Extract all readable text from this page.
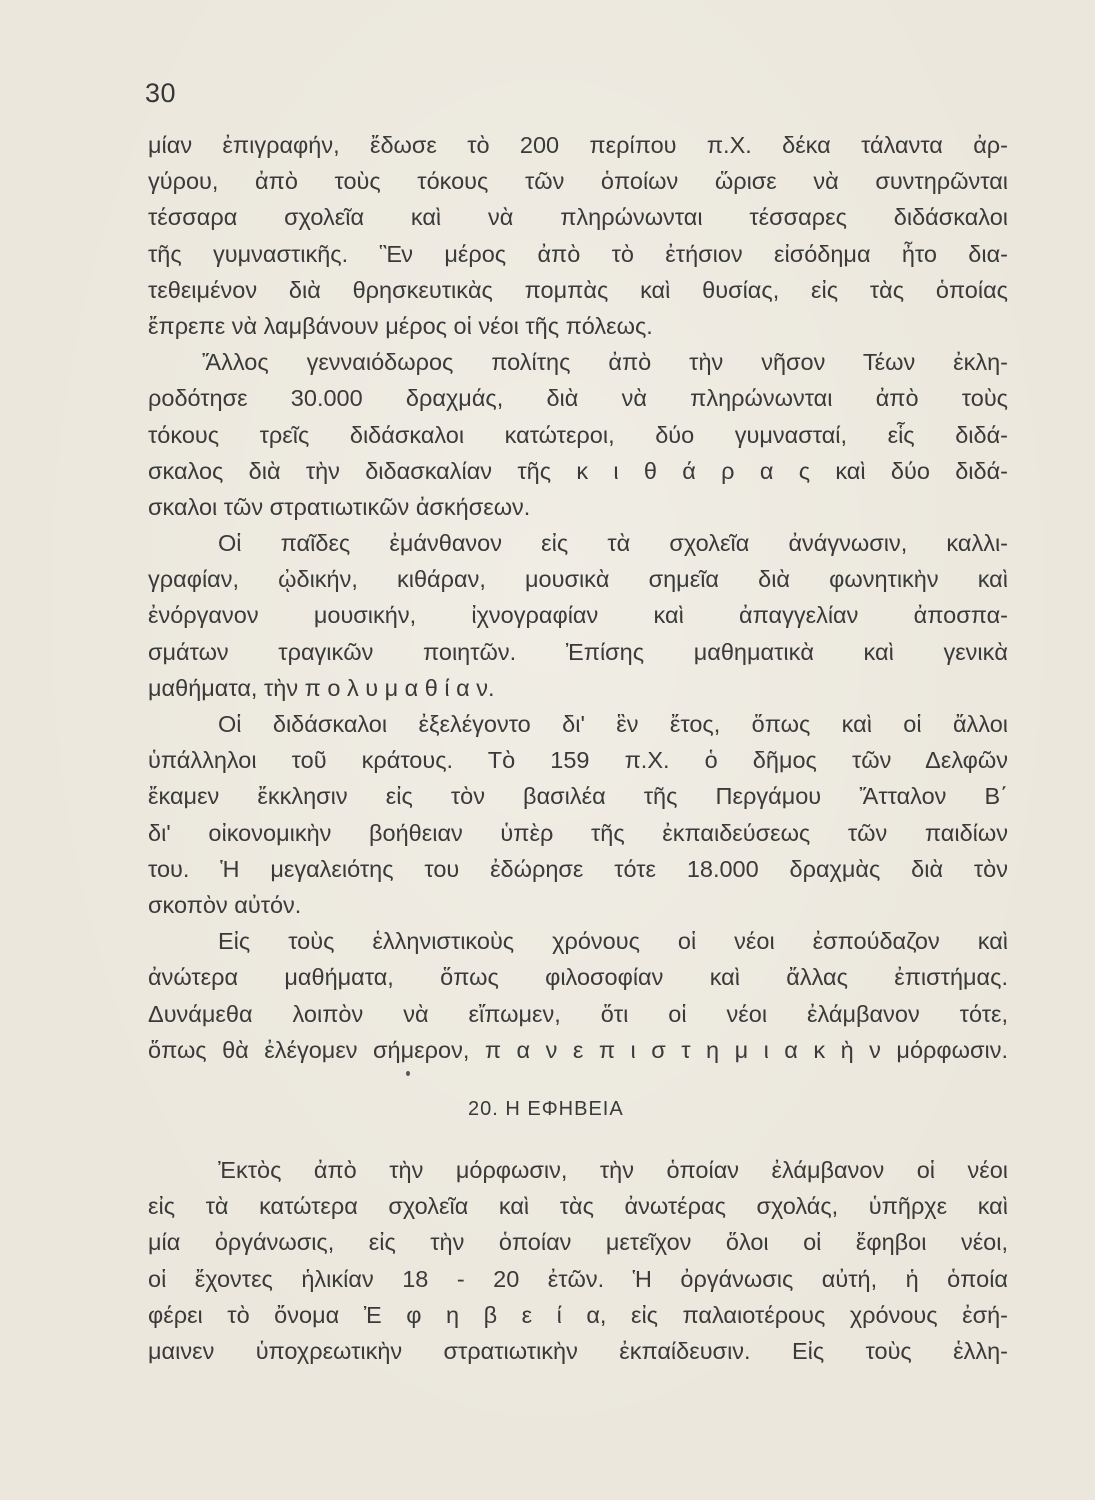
30
μίαν ἐπιγραφήν, ἔδωσε τὸ 200 περίπου π.Χ. δέκα τάλαντα ἀρ-
γύρου, ἀπὸ τοὺς τόκους τῶν ὁποίων ὥρισε νὰ συντηρῶνται
τέσσαρα σχολεῖα καὶ νὰ πληρώνωνται τέσσαρες διδάσκαλοι
τῆς γυμναστικῆς. Ἓν μέρος ἀπὸ τὸ ἐτήσιον εἰσόδημα ἦτο δια-
τεθειμένον διὰ θρησκευτικὰς πομπὰς καὶ θυσίας, εἰς τὰς ὁποίας
ἔπρεπε νὰ λαμβάνουν μέρος οἱ νέοι τῆς πόλεως.
Ἄλλος γενναιόδωρος πολίτης ἀπὸ τὴν νῆσον Τέων ἐκλη-
ροδότησε 30.000 δραχμάς, διὰ νὰ πληρώνωνται ἀπὸ τοὺς
τόκους τρεῖς διδάσκαλοι κατώτεροι, δύο γυμνασταί, εἷς διδά-
σκαλος διὰ τὴν διδασκαλίαν τῆς κ ι θ ά ρ α ς καὶ δύο διδά-
σκαλοι τῶν στρατιωτικῶν ἀσκήσεων.
Οἱ παῖδες ἐμάνθανον εἰς τὰ σχολεῖα ἀνάγνωσιν, καλλι-
γραφίαν, ᾠδικήν, κιθάραν, μουσικὰ σημεῖα διὰ φωνητικὴν καὶ
ἐνόργανον μουσικήν, ἰχνογραφίαν καὶ ἀπαγγελίαν ἀποσπα-
σμάτων τραγικῶν ποιητῶν. Ἐπίσης μαθηματικὰ καὶ γενικὰ
μαθήματα, τὴν π ο λ υ μ α θ ί α ν.
Οἱ διδάσκαλοι ἐξελέγοντο δι' ἓν ἔτος, ὅπως καὶ οἱ ἄλλοι
ὑπάλληλοι τοῦ κράτους. Τὸ 159 π.Χ. ὁ δῆμος τῶν Δελφῶν
ἔκαμεν ἔκκλησιν εἰς τὸν βασιλέα τῆς Περγάμου Ἄτταλον Β΄
δι' οἰκονομικὴν βοήθειαν ὑπὲρ τῆς ἐκπαιδεύσεως τῶν παιδίων
του. Ἡ μεγαλειότης του ἐδώρησε τότε 18.000 δραχμὰς διὰ τὸν
σκοπὸν αὐτόν.
Εἰς τοὺς ἑλληνιστικοὺς χρόνους οἱ νέοι ἐσπούδαζον καὶ
ἀνώτερα μαθήματα, ὅπως φιλοσοφίαν καὶ ἄλλας ἐπιστήμας.
Δυνάμεθα λοιπὸν νὰ εἴπωμεν, ὅτι οἱ νέοι ἐλάμβανον τότε,
ὅπως θὰ ἐλέγομεν σήμερον, π α ν ε π ι σ τ η μ ι α κ ὴ ν μόρφωσιν.
20. Η ΕΦΗΒΕΙΑ
Ἐκτὸς ἀπὸ τὴν μόρφωσιν, τὴν ὁποίαν ἐλάμβανον οἱ νέοι
εἰς τὰ κατώτερα σχολεῖα καὶ τὰς ἀνωτέρας σχολάς, ὑπῆρχε καὶ
μία ὀργάνωσις, εἰς τὴν ὁποίαν μετεῖχον ὅλοι οἱ ἔφηβοι νέοι,
οἱ ἔχοντες ἡλικίαν 18 - 20 ἐτῶν. Ἡ ὀργάνωσις αὐτή, ἡ ὁποία
φέρει τὸ ὄνομα Ἐ φ η β ε ί α, εἰς παλαιοτέρους χρόνους ἐσή-
μαινεν ὑποχρεωτικὴν στρατιωτικὴν ἐκπαίδευσιν. Εἰς τοὺς ἑλλη-
